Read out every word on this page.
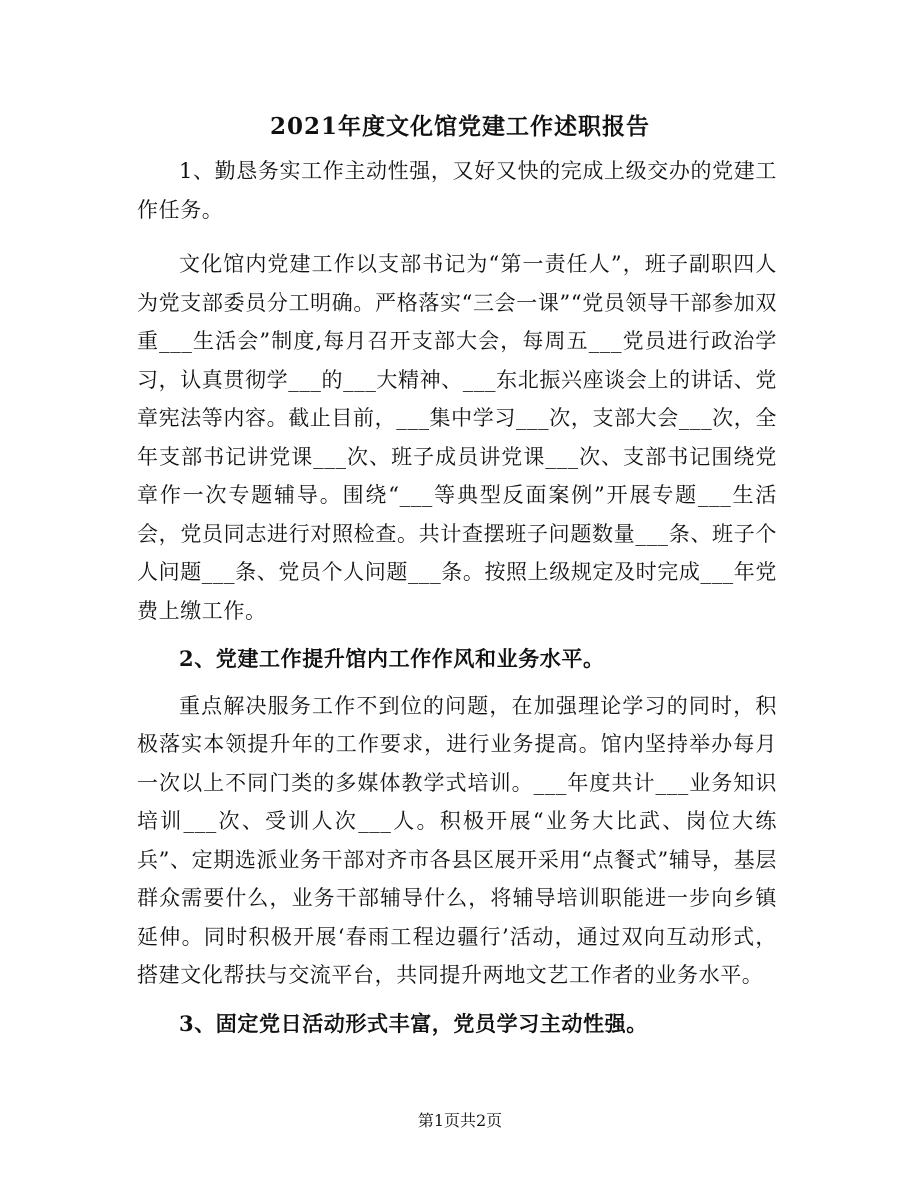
2021年度文化馆党建工作述职报告

1、勤恳务实工作主动性强，又好又快的完成上级交办的党建工作任务。

文化馆内党建工作以支部书记为“第一责任人”，班子副职四人为党支部委员分工明确。严格落实“三会一课”“党员领导干部参加双重___生活会”制度,每月召开支部大会，每周五___党员进行政治学习，认真贯彻学___的___大精神、___东北振兴座谈会上的讲话、党章宪法等内容。截止目前，___集中学习___次，支部大会___次，全年支部书记讲党课___次、班子成员讲党课___次、支部书记围绕党章作一次专题辅导。围绕“___等典型反面案例”开展专题___生活会，党员同志进行对照检查。共计查摆班子问题数量___条、班子个人问题___条、党员个人问题___条。按照上级规定及时完成___年党费上缴工作。

2、党建工作提升馆内工作作风和业务水平。

重点解决服务工作不到位的问题，在加强理论学习的同时，积极落实本领提升年的工作要求，进行业务提高。馆内坚持举办每月一次以上不同门类的多媒体教学式培训。___年度共计___业务知识培训___次、受训人次___人。积极开展“业务大比武、岗位大练兵”、定期选派业务干部对齐市各县区展开采用“点餐式”辅导，基层群众需要什么，业务干部辅导什么，将辅导培训职能进一步向乡镇延伸。同时积极开展‘春雨工程边疆行’活动，通过双向互动形式，搭建文化帮扶与交流平台，共同提升两地文艺工作者的业务水平。

3、固定党日活动形式丰富，党员学习主动性强。

第1页共2页
